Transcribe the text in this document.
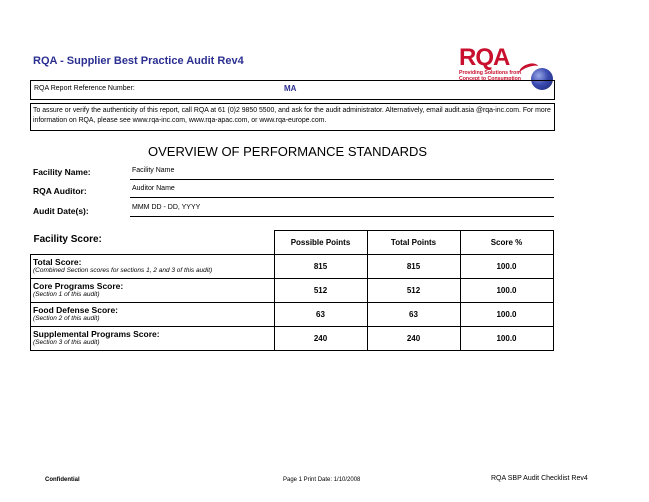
RQA - Supplier Best Practice Audit Rev4	RQA
Providing Solutions from Concept to Consumption
RQA Report Reference Number:	MA
To assure or verify the authenticity of this report, call RQA at 61 (0)2 9850 5500, and ask for the audit administrator. Alternatively, email audit.asia @rqa-inc.com. For more information on RQA, please see www.rqa-inc.com, www.rqa-apac.com, or www.rqa-europe.com.
OVERVIEW OF PERFORMANCE STANDARDS
Facility Name:	Facility Name
RQA Auditor:	Auditor Name
Audit Date(s):	MMM DD - DD, YYYY
Facility Score:	Possible Points	Total Points	Score %

Total Score:
(Combined Section scores for sections 1, 2 and 3 of this audit)	815	815	100.0

Core Programs Score:
(Section 1 of this audit)	512	512	100.0

Food Defense Score:
(Section 2 of this audit)	63	63	100.0

Supplemental Programs Score:
(Section 3 of this audit)	240	240	100.0
Confidential	Page 1 Print Date: 1/10/2008	RQA SBP Audit Checklist Rev4
